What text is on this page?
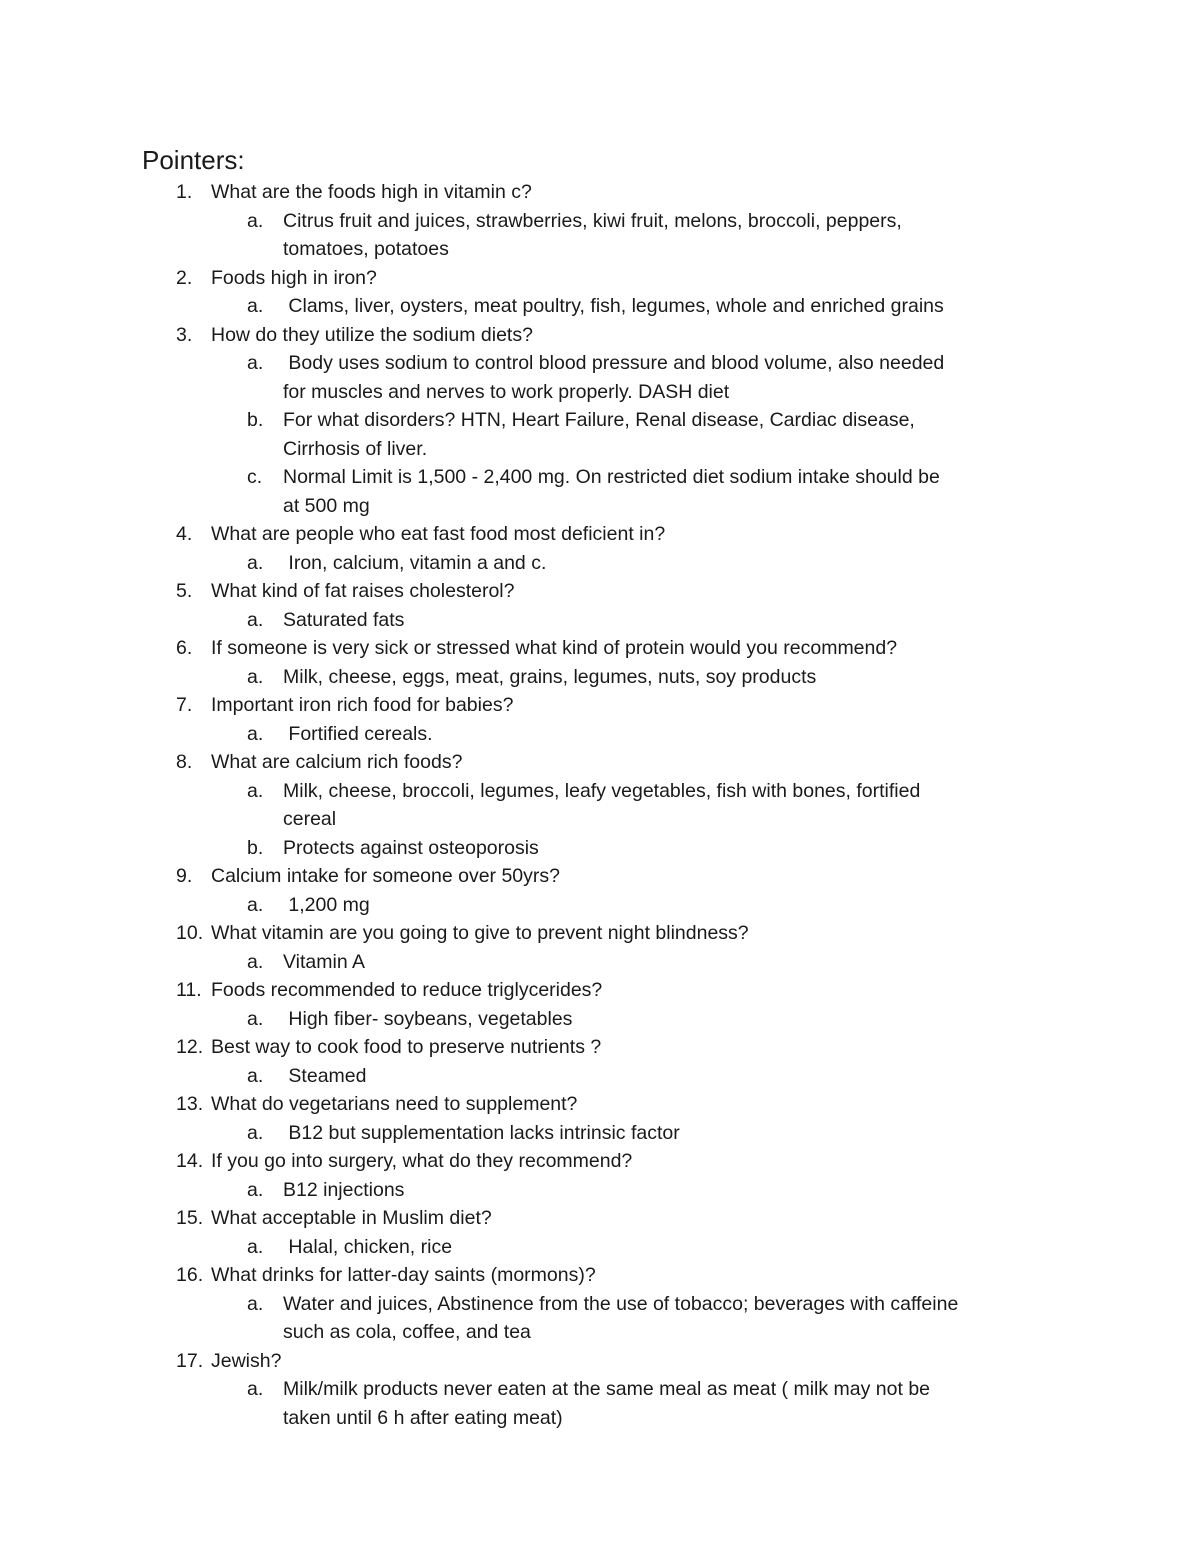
Pointers:
1. What are the foods high in vitamin c?
a. Citrus fruit and juices, strawberries, kiwi fruit, melons, broccoli, peppers, tomatoes, potatoes
2. Foods high in iron?
a. Clams, liver, oysters, meat poultry, fish, legumes, whole and enriched grains
3. How do they utilize the sodium diets?
a. Body uses sodium to control blood pressure and blood volume, also needed for muscles and nerves to work properly. DASH diet
b. For what disorders? HTN, Heart Failure, Renal disease, Cardiac disease, Cirrhosis of liver.
c. Normal Limit is 1,500 - 2,400 mg. On restricted diet sodium intake should be at 500 mg
4. What are people who eat fast food most deficient in?
a. Iron, calcium, vitamin a and c.
5. What kind of fat raises cholesterol?
a. Saturated fats
6. If someone is very sick or stressed what kind of protein would you recommend?
a. Milk, cheese, eggs, meat, grains, legumes, nuts, soy products
7. Important iron rich food for babies?
a. Fortified cereals.
8. What are calcium rich foods?
a. Milk, cheese, broccoli, legumes, leafy vegetables, fish with bones, fortified cereal
b. Protects against osteoporosis
9. Calcium intake for someone over 50yrs?
a. 1,200 mg
10. What vitamin are you going to give to prevent night blindness?
a. Vitamin A
11. Foods recommended to reduce triglycerides?
a. High fiber- soybeans, vegetables
12. Best way to cook food to preserve nutrients ?
a. Steamed
13. What do vegetarians need to supplement?
a. B12 but supplementation lacks intrinsic factor
14. If you go into surgery, what do they recommend?
a. B12 injections
15. What acceptable in Muslim diet?
a. Halal, chicken, rice
16. What drinks for latter-day saints (mormons)?
a. Water and juices, Abstinence from the use of tobacco; beverages with caffeine such as cola, coffee, and tea
17. Jewish?
a. Milk/milk products never eaten at the same meal as meat ( milk may not be taken until 6 h after eating meat)
